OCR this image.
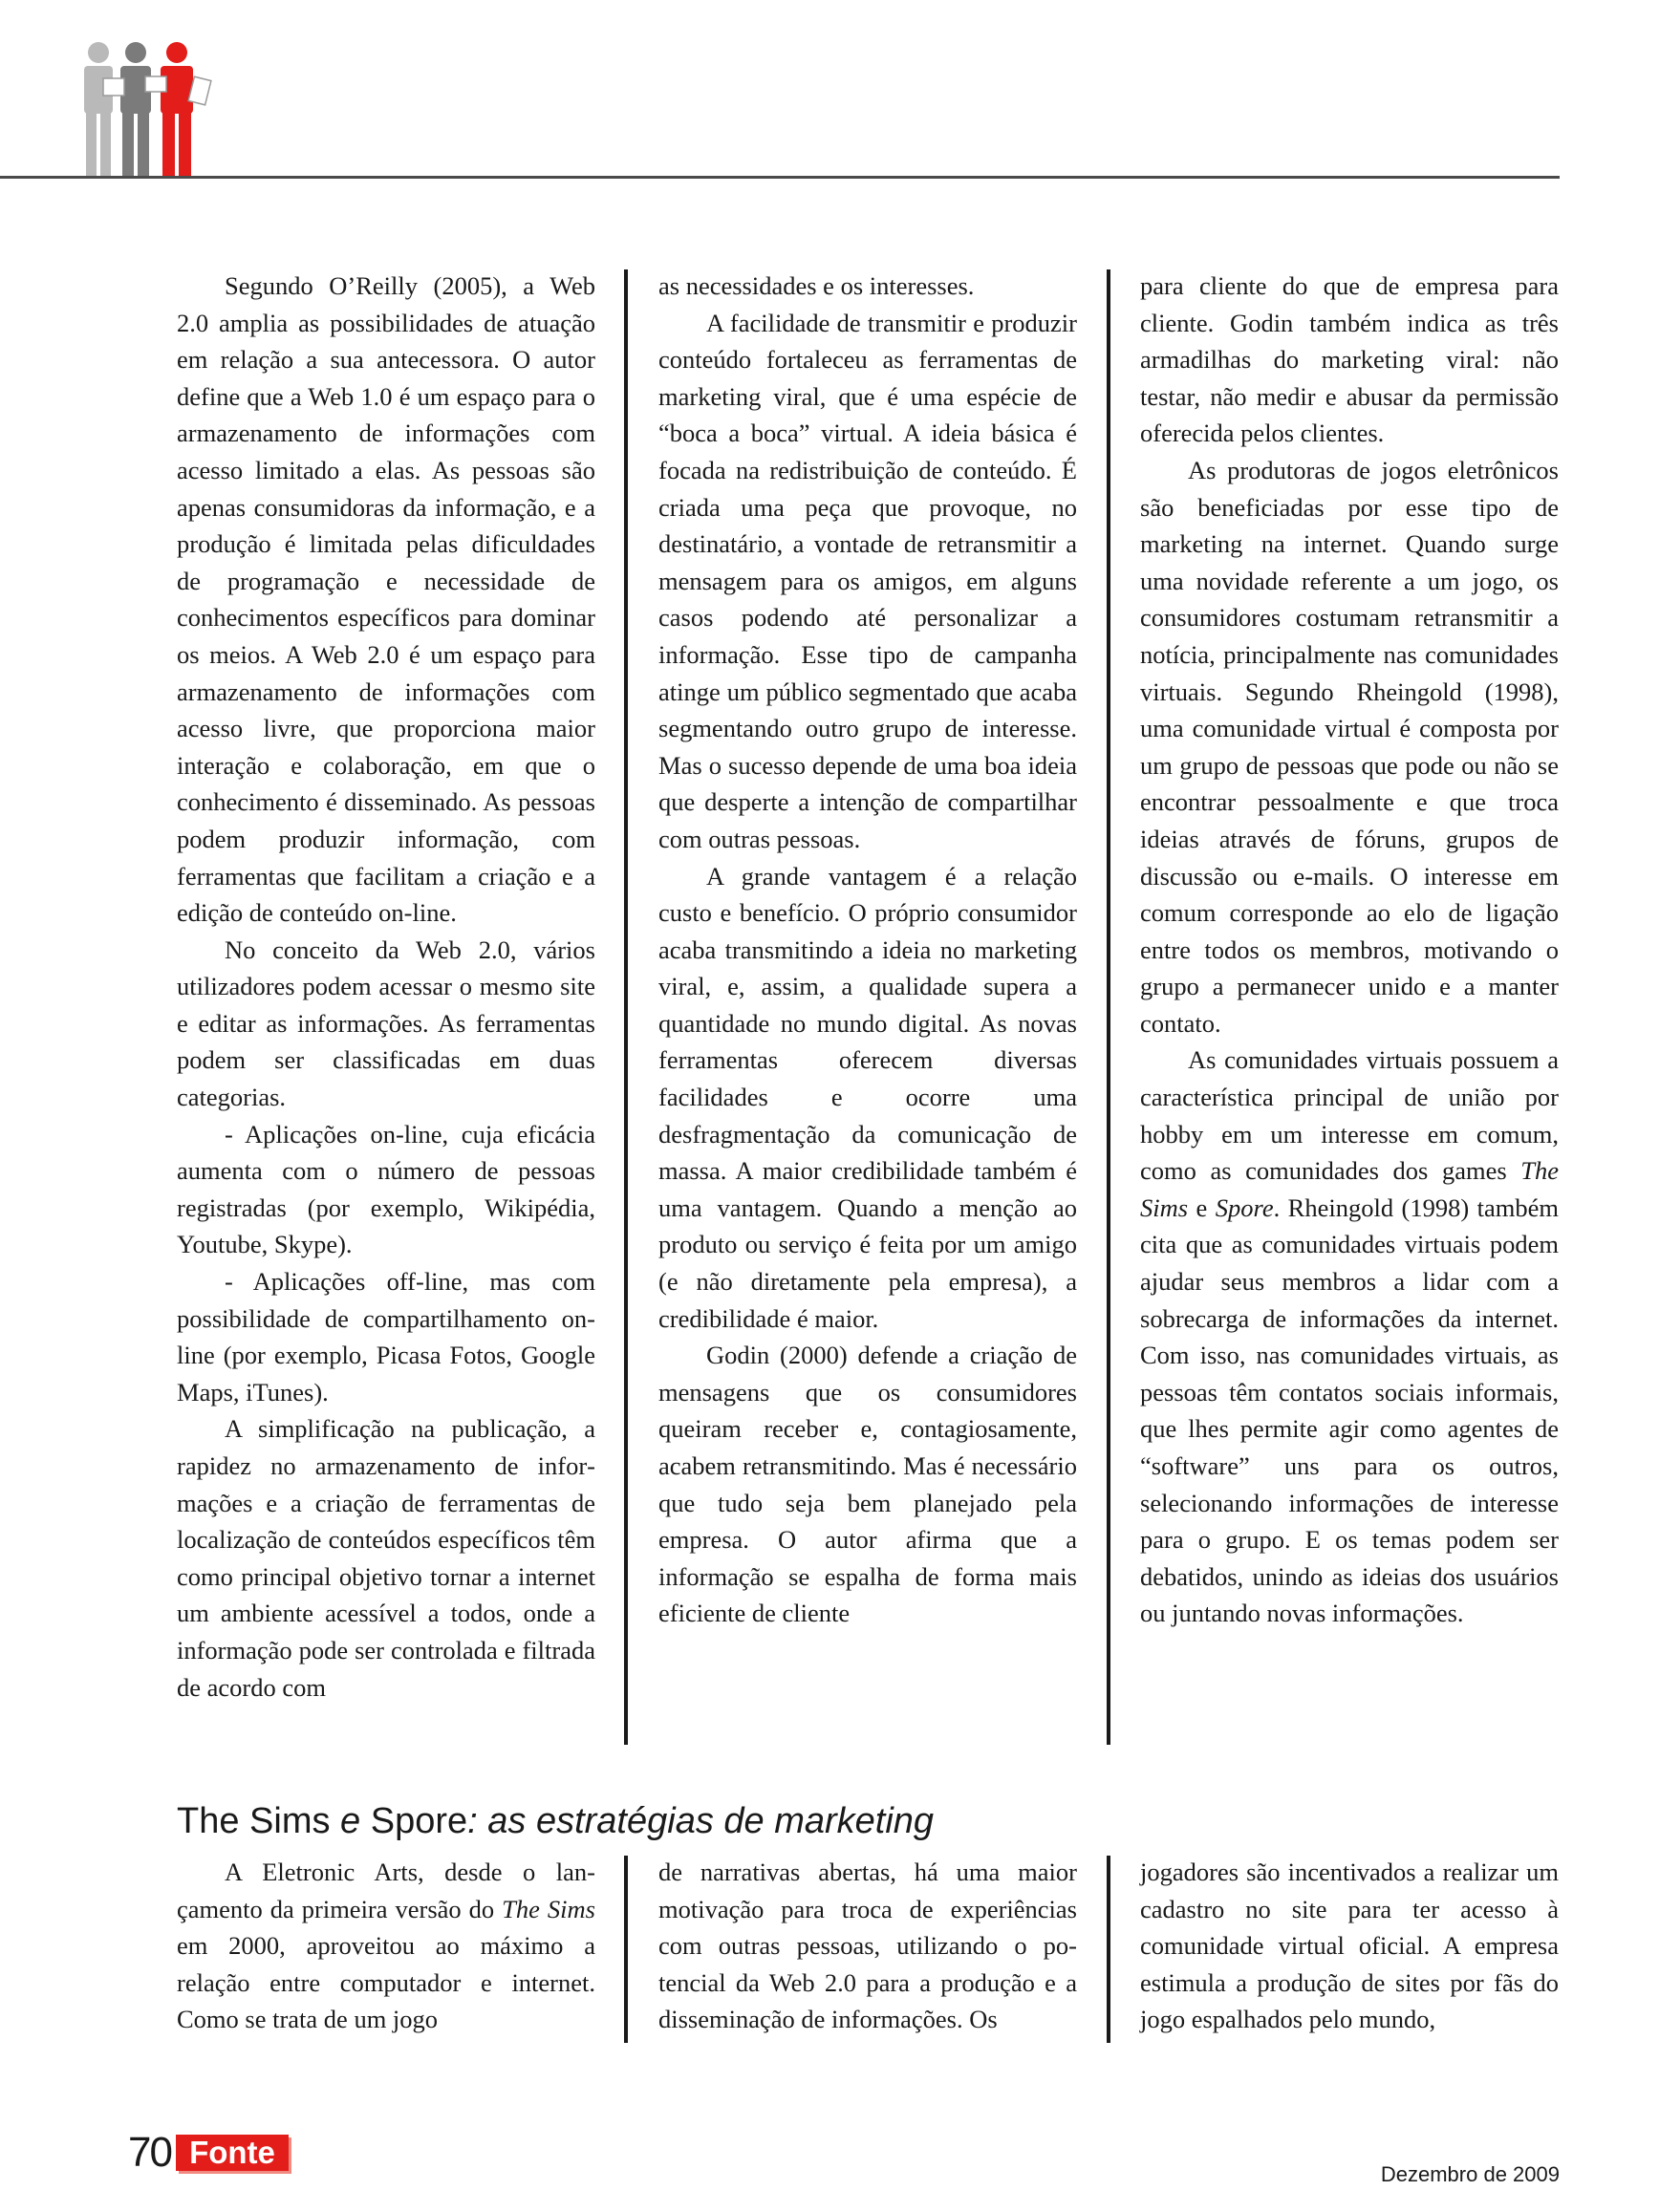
Segundo O’Reilly (2005), a Web 2.0 amplia as possibilidades de atuação em relação a sua antecessora. O autor define que a Web 1.0 é um espaço para o armazenamento de informações com acesso limitado a elas. As pessoas são apenas consumidoras da informação, e a produção é limitada pelas dificuldades de programação e necessidade de conhecimentos específicos para dominar os meios. A Web 2.0 é um espaço para armazenamento de informações com acesso livre, que proporciona maior interação e colaboração, em que o conhecimento é disseminado. As pessoas podem produzir informação, com ferramentas que facilitam a criação e a edição de conteúdo on-line.

No conceito da Web 2.0, vários utilizadores podem acessar o mesmo site e editar as informações. As ferramentas podem ser classificadas em duas categorias.

- Aplicações on-line, cuja eficácia aumenta com o número de pessoas registradas (por exemplo, Wikipédia, Youtube, Skype).

- Aplicações off-line, mas com possibilidade de compartilhamento on-line (por exemplo, Picasa Fotos, Google Maps, iTunes).

A simplificação na publicação, a rapidez no armazenamento de informações e a criação de ferramentas de localização de conteúdos específicos têm como principal objetivo tornar a internet um ambiente acessível a todos, onde a informação pode ser controlada e filtrada de acordo com

as necessidades e os interesses.

A facilidade de transmitir e produzir conteúdo fortaleceu as ferramentas de marketing viral, que é uma espécie de “boca a boca” virtual. A ideia básica é focada na redistribuição de conteúdo. É criada uma peça que provoque, no destinatário, a vontade de retransmitir a mensagem para os amigos, em alguns casos podendo até personalizar a informação. Esse tipo de campanha atinge um público segmentado que acaba segmentando outro grupo de interesse. Mas o sucesso depende de uma boa ideia que desperte a intenção de compartilhar com outras pessoas.

A grande vantagem é a relação custo e benefício. O próprio consumidor acaba transmitindo a ideia no marketing viral, e, assim, a qualidade supera a quantidade no mundo digital. As novas ferramentas oferecem diversas facilidades e ocorre uma desfragmentação da comunicação de massa. A maior credibilidade também é uma vantagem. Quando a menção ao produto ou serviço é feita por um amigo (e não diretamente pela empresa), a credibilidade é maior.

Godin (2000) defende a criação de mensagens que os consumidores queiram receber e, contagiosamente, acabem retransmitindo. Mas é necessário que tudo seja bem planejado pela empresa. O autor afirma que a informação se espalha de forma mais eficiente de cliente

para cliente do que de empresa para cliente. Godin também indica as três armadilhas do marketing viral: não testar, não medir e abusar da permissão oferecida pelos clientes.

As produtoras de jogos eletrônicos são beneficiadas por esse tipo de marketing na internet. Quando surge uma novidade referente a um jogo, os consumidores costumam retransmitir a notícia, principalmente nas comunidades virtuais. Segundo Rheingold (1998), uma comunidade virtual é composta por um grupo de pessoas que pode ou não se encontrar pessoalmente e que troca ideias através de fóruns, grupos de discussão ou e-mails. O interesse em comum corresponde ao elo de ligação entre todos os membros, motivando o grupo a permanecer unido e a manter contato.

As comunidades virtuais possuem a característica principal de união por hobby em um interesse em comum, como as comunidades dos games The Sims e Spore. Rheingold (1998) também cita que as comunidades virtuais podem ajudar seus membros a lidar com a sobrecarga de informações da internet. Com isso, nas comunidades virtuais, as pessoas têm contatos sociais informais, que lhes permite agir como agentes de “software” uns para os outros, selecionando informações de interesse para o grupo. E os temas podem ser debatidos, unindo as ideias dos usuários ou juntando novas informações.

The Sims e Spore: as estratégias de marketing

A Eletronic Arts, desde o lançamento da primeira versão do The Sims em 2000, aproveitou ao máximo a relação entre computador e internet. Como se trata de um jogo

de narrativas abertas, há uma maior motivação para troca de experiências com outras pessoas, utilizando o potencial da Web 2.0 para a produção e a disseminação de informações. Os

jogadores são incentivados a realizar um cadastro no site para ter acesso à comunidade virtual oficial. A empresa estimula a produção de sites por fãs do jogo espalhados pelo mundo,

70 Fonte
Dezembro de 2009
